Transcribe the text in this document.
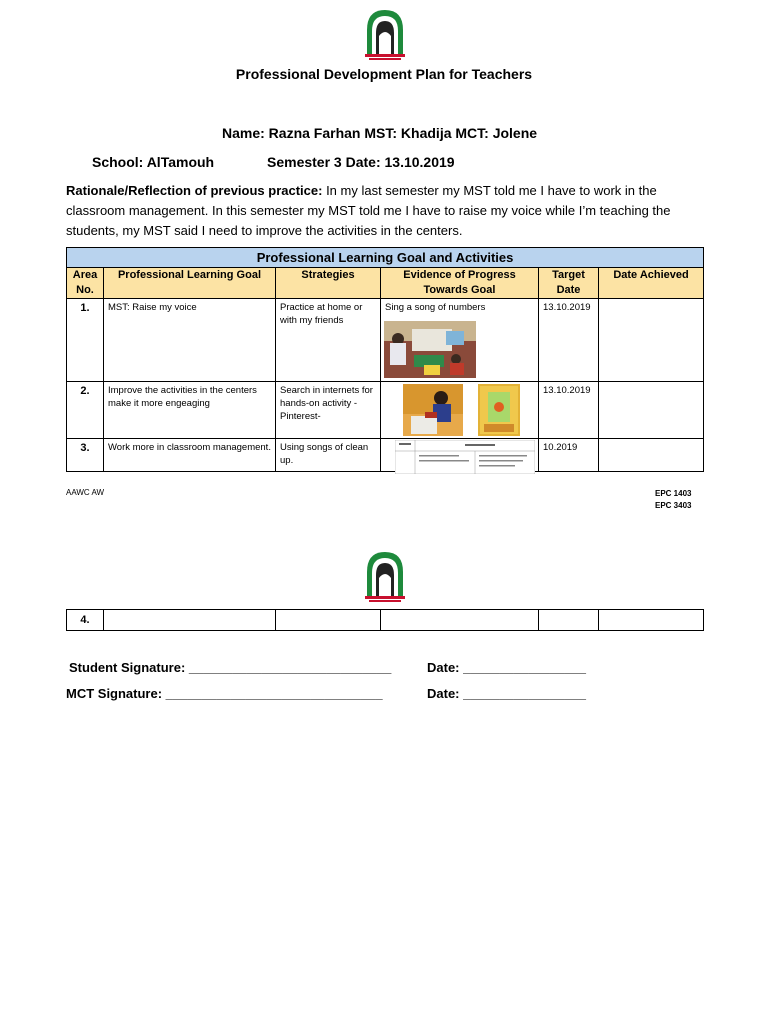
Professional Development Plan for Teachers
Name: Razna Farhan MST: Khadija MCT: Jolene
School: AlTamouh	Semester 3 Date: 13.10.2019
Rationale/Reflection of previous practice: In my last semester my MST told me I have to work in the classroom management. In this semester my MST told me I have to raise my voice while I’m teaching the students, my MST said I need to improve the activities in the centers.
Professional Learning Goal and Activities					
Area No.	Professional Learning Goal	Strategies	Evidence of Progress Towards Goal	Target Date	Date Achieved
1.	MST: Raise my voice	Practice at home or with my friends	Sing a song of numbers	13.10.2019	
2.	Improve the activities in the centers make it more engeaging	Search in internets for hands-on activity -Pinterest-		13.10.2019	
3.	Work more in classroom management.	Using songs of clean up.		10.2019	
AAWC AW	EPC 1403
EPC 3403
4.					
Student Signature: ____________________________	Date: _________________
MCT Signature: ______________________________	Date: _________________
